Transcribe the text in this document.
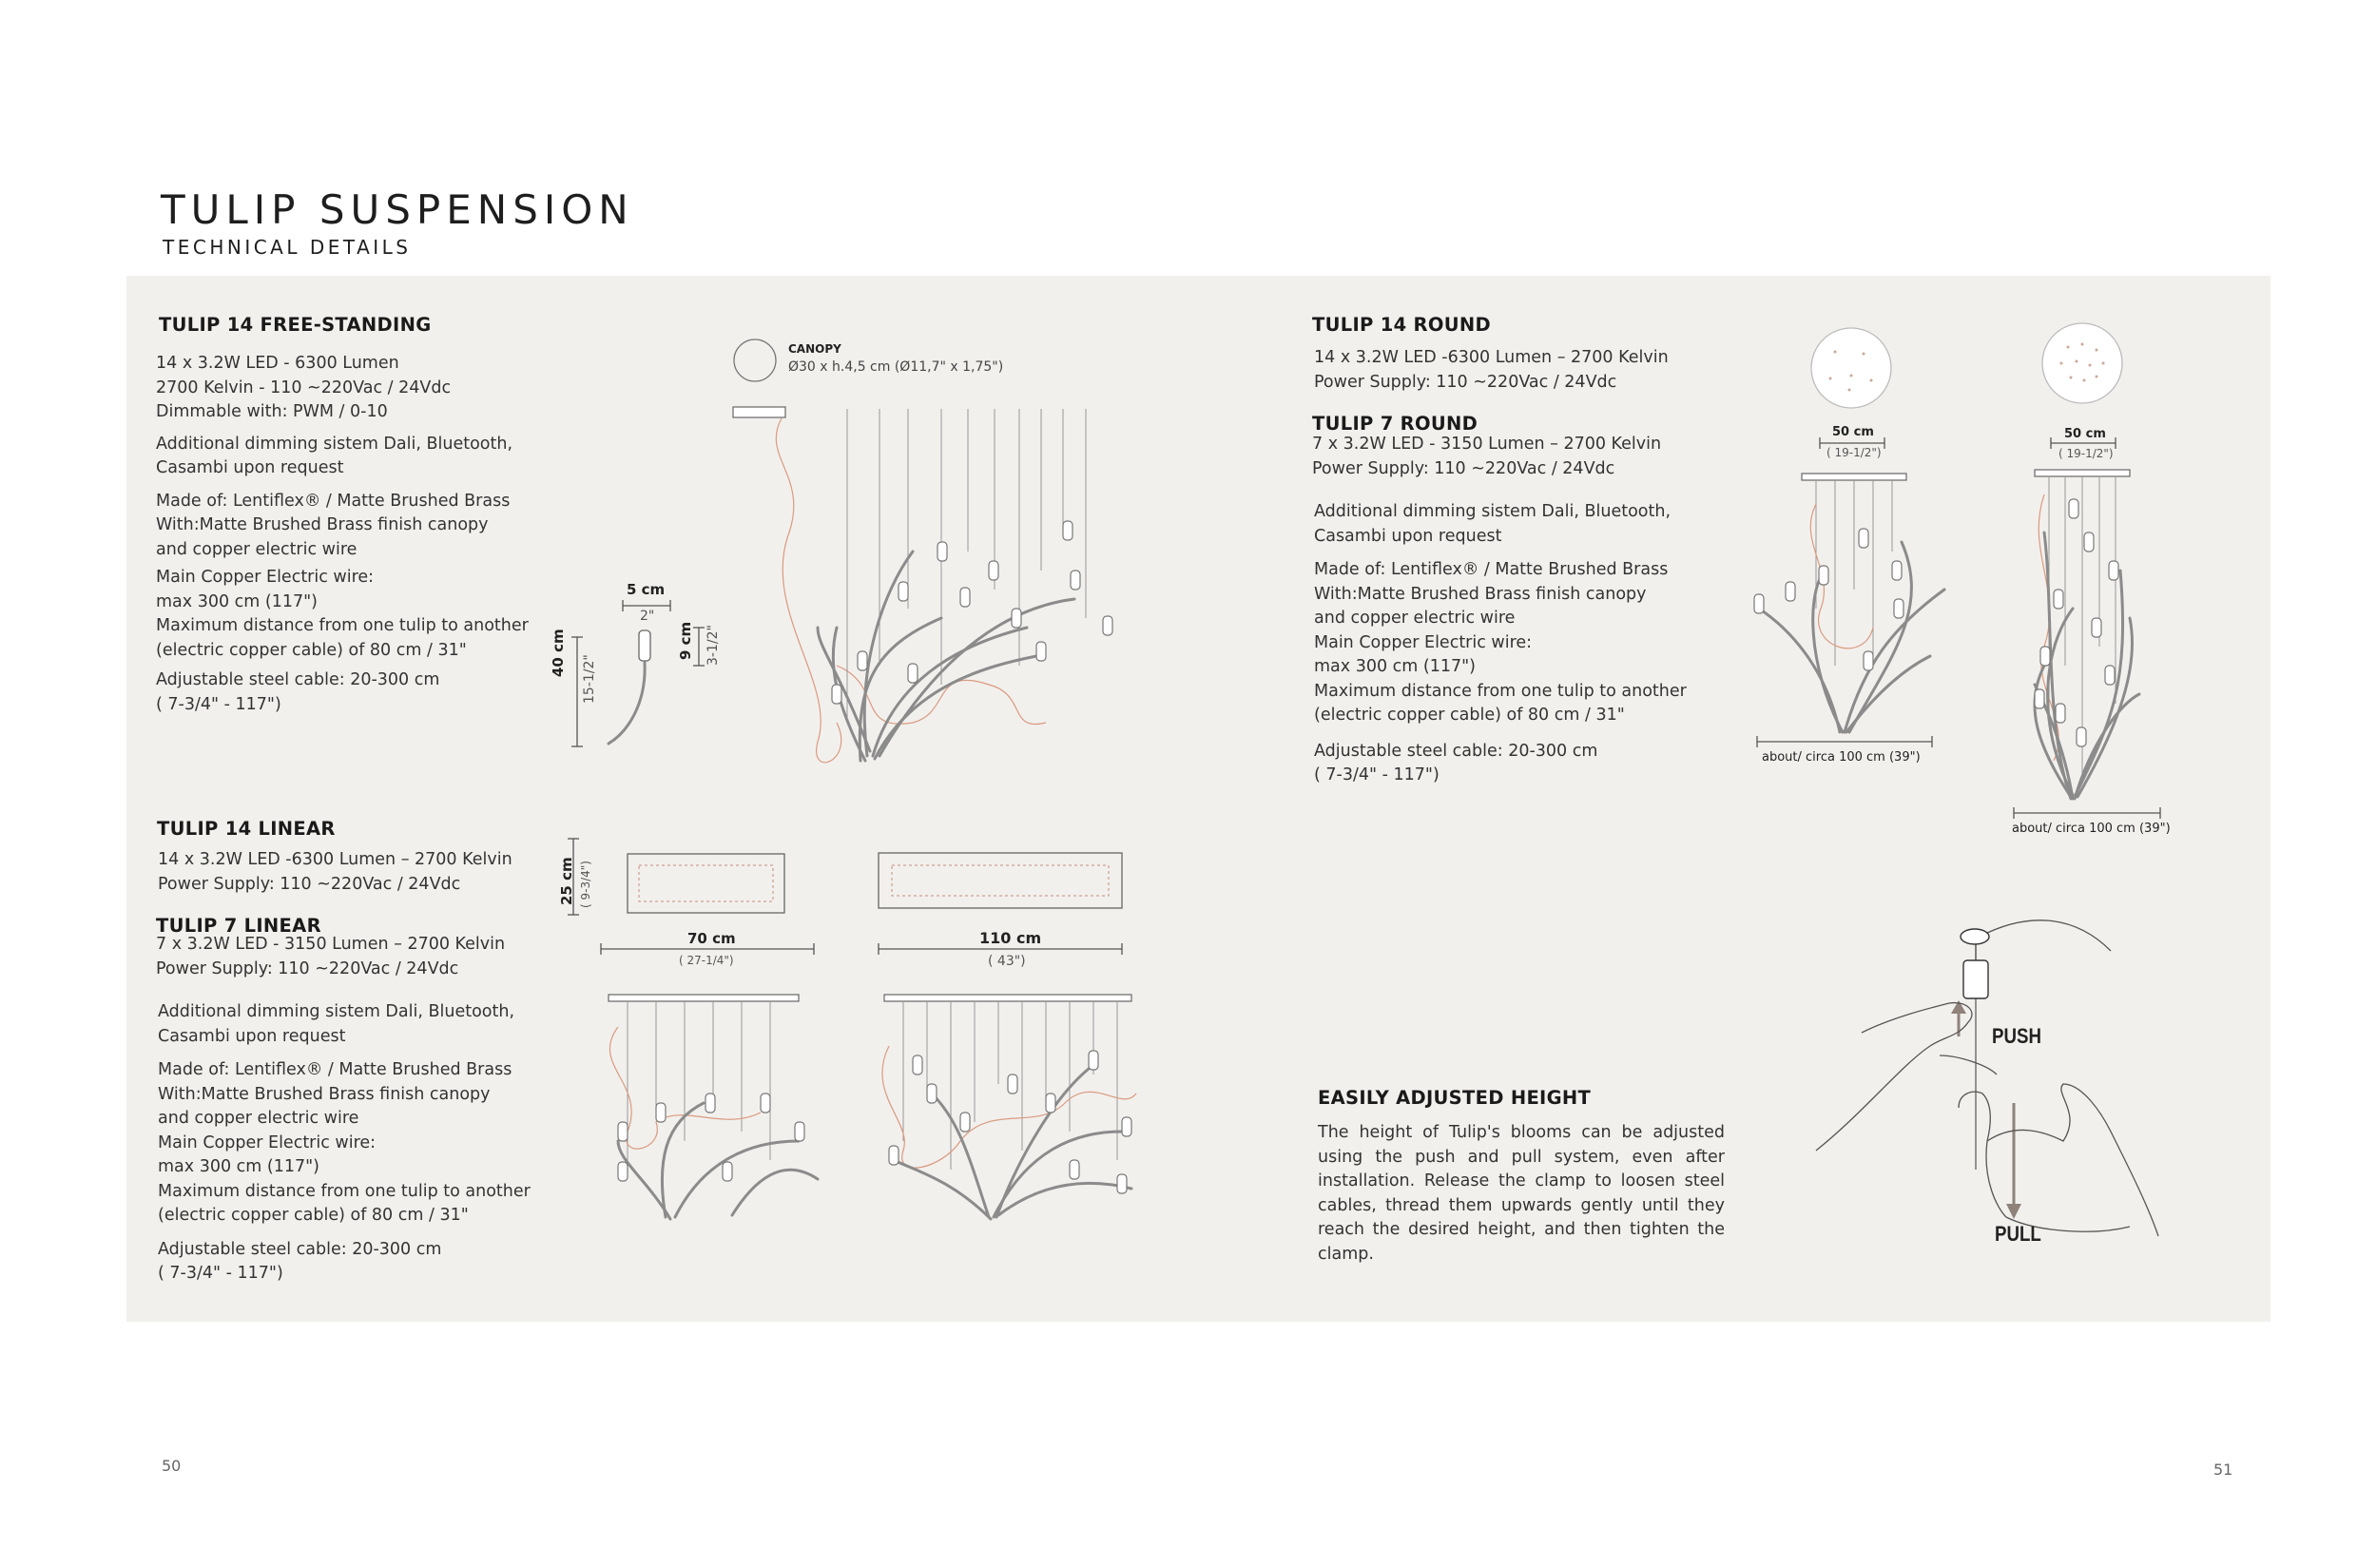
TULIP SUSPENSION
TECHNICAL DETAILS
TULIP 14 FREE-STANDING
14 x 3.2W LED - 6300 Lumen
2700 Kelvin - 110 ~220Vac / 24Vdc
Dimmable with: PWM / 0-10
Additional dimming sistem Dali, Bluetooth,
Casambi upon request
Made of: Lentiflex® / Matte Brushed Brass
With:Matte Brushed Brass finish canopy
and copper electric wire
Main Copper Electric wire:
max 300 cm (117")
Maximum distance from one tulip to another
(electric copper cable) of 80 cm / 31"
Adjustable steel cable: 20-300 cm
( 7-3/4" - 117")
40 cm
15-1/2"
5 cm
2"
9 cm 3-1/2"
CANOPY
Ø30 x h.4,5 cm (Ø11,7" x 1,75")
TULIP 14 LINEAR
14 x 3.2W LED -6300 Lumen – 2700 Kelvin
Power Supply: 110 ~220Vac / 24Vdc
TULIP 7 LINEAR
7 x 3.2W LED - 3150 Lumen – 2700 Kelvin
Power Supply: 110 ~220Vac / 24Vdc
Additional dimming sistem Dali, Bluetooth,
Casambi upon request
Made of: Lentiflex® / Matte Brushed Brass
With:Matte Brushed Brass finish canopy
and copper electric wire
Main Copper Electric wire:
max 300 cm (117")
Maximum distance from one tulip to another
(electric copper cable) of 80 cm / 31"
Adjustable steel cable: 20-300 cm
( 7-3/4" - 117")
25 cm ( 9-3/4")
70 cm
( 27-1/4")
110 cm
( 43")
TULIP 14 ROUND
14 x 3.2W LED -6300 Lumen – 2700 Kelvin
Power Supply: 110 ~220Vac / 24Vdc
TULIP 7 ROUND
7 x 3.2W LED - 3150 Lumen – 2700 Kelvin
Power Supply: 110 ~220Vac / 24Vdc
Additional dimming sistem Dali, Bluetooth,
Casambi upon request
Made of: Lentiflex® / Matte Brushed Brass
With:Matte Brushed Brass finish canopy
and copper electric wire
Main Copper Electric wire:
max 300 cm (117")
Maximum distance from one tulip to another
(electric copper cable) of 80 cm / 31"
Adjustable steel cable: 20-300 cm
( 7-3/4" - 117")
50 cm
( 19-1/2")
50 cm
( 19-1/2")
about/ circa 100 cm (39")
about/ circa 100 cm (39")
EASILY ADJUSTED HEIGHT
The height of Tulip's blooms can be adjusted using the push and pull system, even after installation. Release the clamp to loosen steel cables, thread them upwards gently until they reach the desired height, and then tighten the clamp.
PUSH
PULL
50	51
